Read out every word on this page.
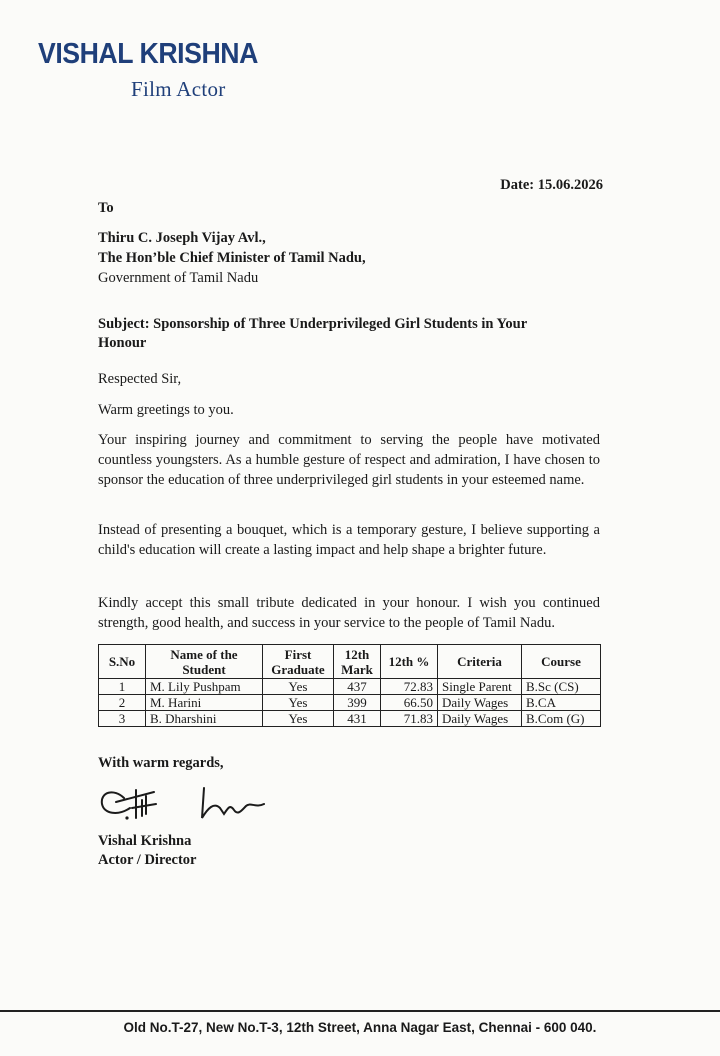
VISHAL KRISHNA
Film Actor
Date: 15.06.2026
To
Thiru C. Joseph Vijay Avl.,
The Hon’ble Chief Minister of Tamil Nadu,
Government of Tamil Nadu
Subject: Sponsorship of Three Underprivileged Girl Students in Your Honour
Respected Sir,
Warm greetings to you.
Your inspiring journey and commitment to serving the people have motivated countless youngsters. As a humble gesture of respect and admiration, I have chosen to sponsor the education of three underprivileged girl students in your esteemed name.
Instead of presenting a bouquet, which is a temporary gesture, I believe supporting a child's education will create a lasting impact and help shape a brighter future.
Kindly accept this small tribute dedicated in your honour. I wish you continued strength, good health, and success in your service to the people of Tamil Nadu.
S.No	Name of the Student	First Graduate	12th Mark	12th %	Criteria	Course
1	M. Lily Pushpam	Yes	437	72.83	Single Parent	B.Sc (CS)
2	M. Harini	Yes	399	66.50	Daily Wages	B.CA
3	B. Dharshini	Yes	431	71.83	Daily Wages	B.Com (G)
With warm regards,
Vishal Krishna
Actor / Director
Old No.T-27, New No.T-3, 12th Street, Anna Nagar East, Chennai - 600 040.
